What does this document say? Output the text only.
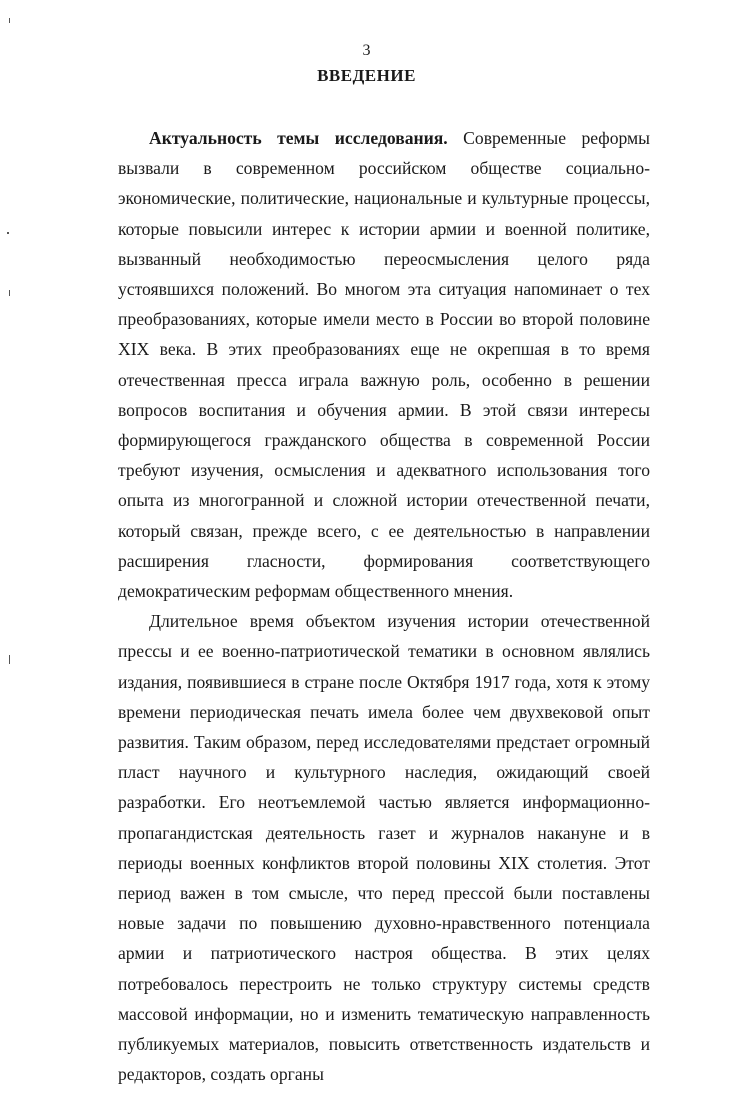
3
ВВЕДЕНИЕ

Актуальность темы исследования. Современные реформы вызвали в современном российском обществе социально-экономические, политические, национальные и культурные процессы, которые повысили интерес к истории армии и военной политике, вызванный необходимостью переосмысления целого ряда устоявшихся положений. Во многом эта ситуация напоминает о тех преобразованиях, которые имели место в России во второй половине XIX века. В этих преобразованиях еще не окрепшая в то время отечественная пресса играла важную роль, особенно в решении вопросов воспитания и обучения армии. В этой связи интересы формирующегося гражданского общества в современной России требуют изучения, осмысления и адекватного использования того опыта из многогранной и сложной истории отечественной печати, который связан, прежде всего, с ее деятельностью в направлении расширения гласности, формирования соответствующего демократическим реформам общественного мнения.

Длительное время объектом изучения истории отечественной прессы и ее военно-патриотической тематики в основном являлись издания, появившиеся в стране после Октября 1917 года, хотя к этому времени периодическая печать имела более чем двухвековой опыт развития. Таким образом, перед исследователями предстает огромный пласт научного и культурного наследия, ожидающий своей разработки. Его неотъемлемой частью является информационно-пропагандистская деятельность газет и журналов накануне и в периоды военных конфликтов второй половины XIX столетия. Этот период важен в том смысле, что перед прессой были поставлены новые задачи по повышению духовно-нравственного потенциала армии и патриотического настроя общества. В этих целях потребовалось перестроить не только структуру системы средств массовой информации, но и изменить тематическую направленность публикуемых материалов, повысить ответственность издательств и редакторов, создать органы
